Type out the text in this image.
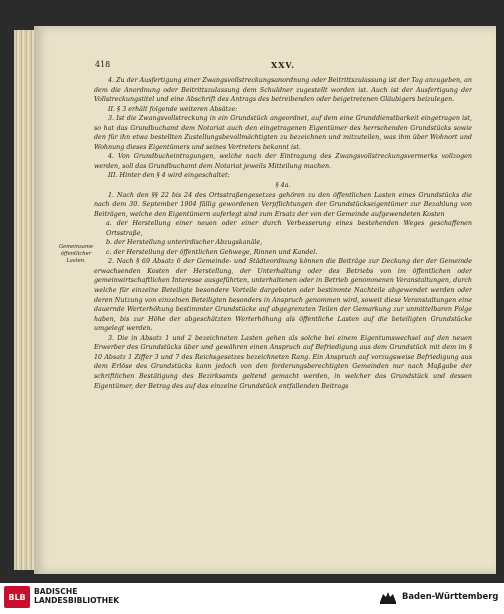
418	XXV.
Gemeinsame öffentlicher Lasten.

4. Zu der Ausfertigung einer Zwangsvollstreckungsanordnung oder Beitrittszulassung ist der Tag anzugeben, an dem die Anordnung oder Beitrittszulassung dem Schuldner zugestellt worden ist. Auch ist der Ausfertigung der Vollstreckungstitel und eine Abschrift des Antrags des betreibenden oder beigetretenen Gläubigers beizulegen.

II. § 3 erhält folgende weiteren Absätze:

3. Ist die Zwangsvollstreckung in ein Grundstück angeordnet, auf dem eine Grunddienstbarkeit eingetragen ist, so hat das Grundbuchamt dem Notariat auch den eingetragenen Eigentümer des herrschenden Grundstücks sowie den für ihn etwa bestellten Zustellungsbevollmächtigten zu bezeichnen und mitzuteilen, was ihm über Wohnort und Wohnung dieses Eigentümers und seines Vertreters bekannt ist.

4. Von Grundbucheintragungen, welche nach der Eintragung des Zwangsvollstreckungsvermerks vollzogen werden, soll das Grundbuchamt dem Notariat jeweils Mitteilung machen.

III. Hinter den § 4 wird eingeschaltet:

§ 4a.

1. Nach den §§ 22 bis 24 des Ortsstraßengesetzes gehören zu den öffentlichen Lasten eines Grundstücks die nach dem 30. September 1904 fällig gewordenen Verpflichtungen der Grundstückseigentümer zur Bezahlung von Beiträgen, welche den Eigentümern auferlegt sind zum Ersatz der von der Gemeinde aufgewendeten Kosten

a. der Herstellung einer neuen oder einer durch Verbesserung eines bestehenden Weges geschaffenen Ortsstraße,

b. der Herstellung unterirdischer Abzugskanäle,

c. der Herstellung der öffentlichen Gehwege, Rinnen und Kandel.

2. Nach § 69 Absatz 6 der Gemeinde- und Städteordnung können die Beiträge zur Deckung der der Gemeinde erwachsenden Kosten der Herstellung, der Unterhaltung oder des Betriebs von im öffentlichen oder gemeinwirtschaftlichen Interesse ausgeführten, unterhaltenen oder in Betrieb genommenen Veranstaltungen, durch welche für einzelne Beteiligte besondere Vorteile dargeboten oder bestimmte Nachteile abgewendet werden oder deren Nutzung von einzelnen Beteiligten besonders in Anspruch genommen wird, soweit diese Veranstaltungen eine dauernde Werterhöhung bestimmter Grundstücke auf abgegrenzten Teilen der Gemarkung zur unmittelbaren Folge haben, bis zur Höhe der abgeschätzten Werterhöhung als öffentliche Lasten auf die beteiligten Grundstücke umgelegt werden.

3. Die in Absatz 1 und 2 bezeichneten Lasten gehen als solche bei einem Eigentumswechsel auf den neuen Erwerber des Grundstücks über und gewähren einen Anspruch auf Befriedigung aus dem Grundstück mit dem im § 10 Absatz 1 Ziffer 3 und 7 des Reichsgesetzes bezeichneten Rang. Ein Anspruch auf vorzugsweise Befriedigung aus dem Erlöse des Grundstücks kann jedoch von den forderungsberechtigten Gemeinden nur nach Maßgabe der schriftlichen Bestätigung des Bezirksamts geltend gemacht werden, in welcher das Grundstück und dessen Eigentümer, der Betrag des auf das einzelne Grundstück entfallenden Beitrags

BLB
BADISCHE
LANDESBIBLIOTHEK	Baden-Württemberg
